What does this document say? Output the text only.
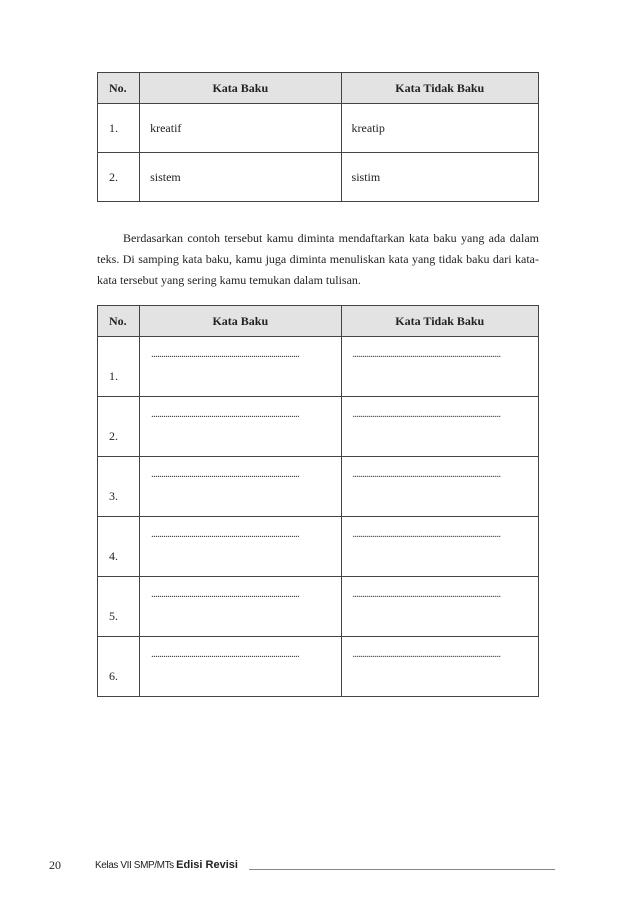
No.	Kata Baku	Kata Tidak Baku
1.	kreatif	kreatip
2.	sistem	sistim

Berdasarkan contoh tersebut kamu diminta mendaftarkan kata baku yang ada dalam teks. Di samping kata baku, kamu juga diminta menuliskan kata yang tidak baku dari kata-kata tersebut yang sering kamu temukan dalam tulisan.

No.	Kata Baku	Kata Tidak Baku
1.	..........................................................................	..........................................................................

2.	..........................................................................	..........................................................................

3.	..........................................................................	..........................................................................

4.	..........................................................................	..........................................................................

5.	..........................................................................	..........................................................................

6.	..........................................................................	..........................................................................
20	Kelas VII SMP/MTs Edisi Revisi
